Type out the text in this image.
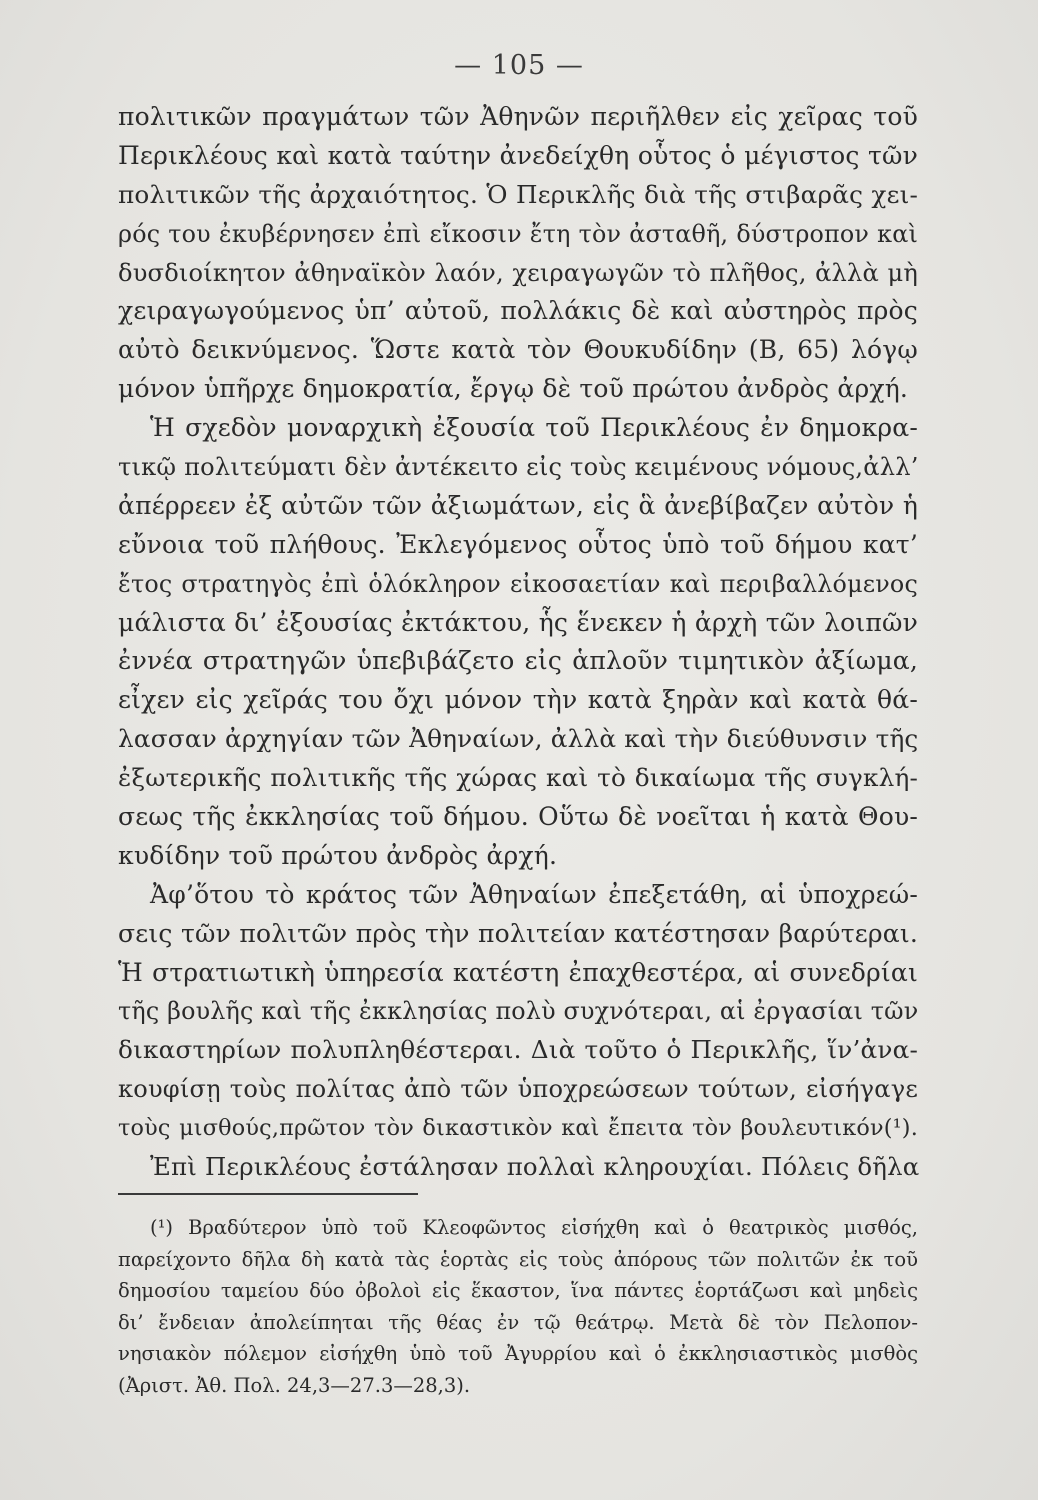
— 105 —
πολιτικῶν πραγμάτων τῶν Ἀθηνῶν περιῆλθεν εἰς χεῖρας τοῦ
Περικλέους καὶ κατὰ ταύτην ἀνεδείχθη οὗτος ὁ μέγιστος τῶν
πολιτικῶν τῆς ἀρχαιότητος. Ὁ Περικλῆς διὰ τῆς στιβαρᾶς χει-
ρός του ἐκυβέρνησεν ἐπὶ εἴκοσιν ἔτη τὸν ἀσταθῆ, δύστροπον καὶ
δυσδιοίκητον ἀθηναϊκὸν λαόν, χειραγωγῶν τὸ πλῆθος, ἀλλὰ μὴ
χειραγωγούμενος ὑπ’ αὐτοῦ, πολλάκις δὲ καὶ αὐστηρὸς πρὸς
αὐτὸ δεικνύμενος. Ὥστε κατὰ τὸν Θουκυδίδην (Β, 65) λόγῳ
μόνον ὑπῆρχε δημοκρατία, ἔργῳ δὲ τοῦ πρώτου ἀνδρὸς ἀρχή.
Ἡ σχεδὸν μοναρχικὴ ἐξουσία τοῦ Περικλέους ἐν δημοκρα-
τικῷ πολιτεύματι δὲν ἀντέκειτο εἰς τοὺς κειμένους νόμους,ἀλλ’
ἀπέρρεεν ἐξ αὐτῶν τῶν ἀξιωμάτων, εἰς ἃ ἀνεβίβαζεν αὐτὸν ἡ
εὔνοια τοῦ πλήθους. Ἐκλεγόμενος οὗτος ὑπὸ τοῦ δήμου κατ’
ἔτος στρατηγὸς ἐπὶ ὁλόκληρον εἰκοσαετίαν καὶ περιβαλλόμενος
μάλιστα δι’ ἐξουσίας ἐκτάκτου, ἧς ἕνεκεν ἡ ἀρχὴ τῶν λοιπῶν
ἐννέα στρατηγῶν ὑπεβιβάζετο εἰς ἁπλοῦν τιμητικὸν ἀξίωμα,
εἶχεν εἰς χεῖράς του ὄχι μόνον τὴν κατὰ ξηρὰν καὶ κατὰ θά-
λασσαν ἀρχηγίαν τῶν Ἀθηναίων, ἀλλὰ καὶ τὴν διεύθυνσιν τῆς
ἐξωτερικῆς πολιτικῆς τῆς χώρας καὶ τὸ δικαίωμα τῆς συγκλή-
σεως τῆς ἐκκλησίας τοῦ δήμου. Οὕτω δὲ νοεῖται ἡ κατὰ Θου-
κυδίδην τοῦ πρώτου ἀνδρὸς ἀρχή.
Ἀφ’ὅτου τὸ κράτος τῶν Ἀθηναίων ἐπεξετάθη, αἱ ὑποχρεώ-
σεις τῶν πολιτῶν πρὸς τὴν πολιτείαν κατέστησαν βαρύτεραι.
Ἡ στρατιωτικὴ ὑπηρεσία κατέστη ἐπαχθεστέρα, αἱ συνεδρίαι
τῆς βουλῆς καὶ τῆς ἐκκλησίας πολὺ συχνότεραι, αἱ ἐργασίαι τῶν
δικαστηρίων πολυπληθέστεραι. Διὰ τοῦτο ὁ Περικλῆς, ἵν’ἀνα-
κουφίσῃ τοὺς πολίτας ἀπὸ τῶν ὑποχρεώσεων τούτων, εἰσήγαγε
τοὺς μισθούς,πρῶτον τὸν δικαστικὸν καὶ ἔπειτα τὸν βουλευτικόν(¹).
Ἐπὶ Περικλέους ἐστάλησαν πολλαὶ κληρουχίαι. Πόλεις δῆλα
(¹) Βραδύτερον ὑπὸ τοῦ Κλεοφῶντος εἰσήχθη καὶ ὁ θεατρικὸς μισθός,
παρείχοντο δῆλα δὴ κατὰ τὰς ἑορτὰς εἰς τοὺς ἀπόρους τῶν πολιτῶν ἐκ τοῦ
δημοσίου ταμείου δύο ὀβολοὶ εἰς ἕκαστον, ἵνα πάντες ἑορτάζωσι καὶ μηδεὶς
δι’ ἔνδειαν ἀπολείπηται τῆς θέας ἐν τῷ θεάτρῳ. Μετὰ δὲ τὸν Πελοπον-
νησιακὸν πόλεμον εἰσήχθη ὑπὸ τοῦ Ἀγυρρίου καὶ ὁ ἐκκλησιαστικὸς μισθὸς
(Ἀριστ. Ἀθ. Πολ. 24,3—27.3—28,3).
